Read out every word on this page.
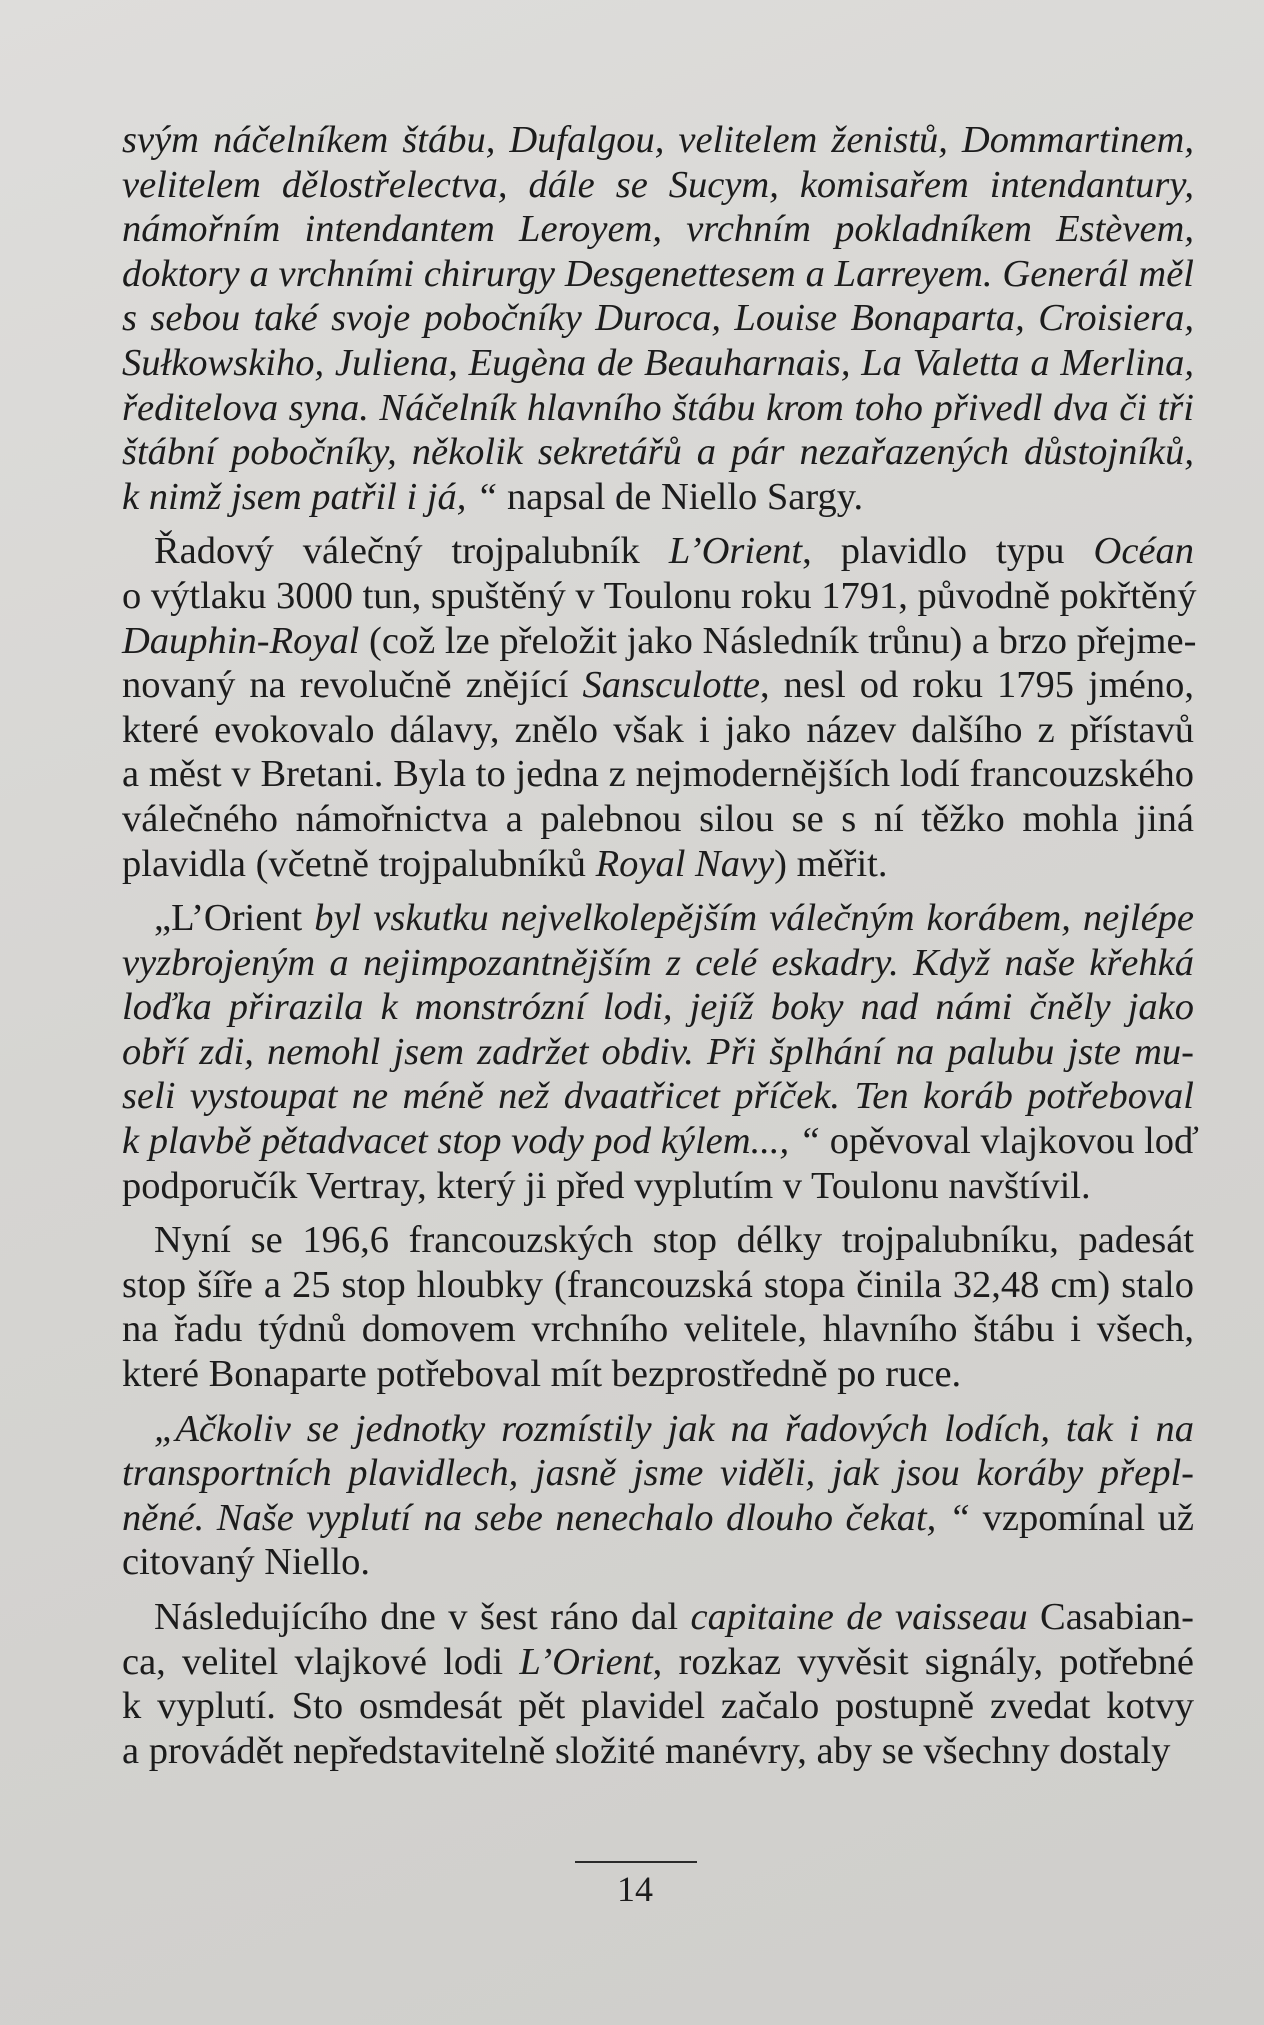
svým náčelníkem štábu, Dufalgou, velitelem ženistů, Dommartinem,
velitelem dělostřelectva, dále se Sucym, komisařem intendantury,
námořním intendantem Leroyem, vrchním pokladníkem Estèvem,
doktory a vrchními chirurgy Desgenettesem a Larreyem. Generál měl
s sebou také svoje pobočníky Duroca, Louise Bonaparta, Croisiera,
Sułkowskiho, Juliena, Eugèna de Beauharnais, La Valetta a Merlina,
ředitelova syna. Náčelník hlavního štábu krom toho přivedl dva či tři
štábní pobočníky, několik sekretářů a pár nezařazených důstojníků,
k nimž jsem patřil i já, “ napsal de Niello Sargy.
Řadový válečný trojpalubník L’Orient, plavidlo typu Océan
o výtlaku 3000 tun, spuštěný v Toulonu roku 1791, původně pokřtěný
Dauphin-Royal (což lze přeložit jako Následník trůnu) a brzo přejme-
novaný na revolučně znějící Sansculotte, nesl od roku 1795 jméno,
které evokovalo dálavy, znělo však i jako název dalšího z přístavů
a měst v Bretani. Byla to jedna z nejmodernějších lodí francouzského
válečného námořnictva a palebnou silou se s ní těžko mohla jiná
plavidla (včetně trojpalubníků Royal Navy) měřit.
„L’Orient byl vskutku nejvelkolepějším válečným korábem, nejlépe
vyzbrojeným a nejimpozantnějším z celé eskadry. Když naše křehká
loďka přirazila k monstrózní lodi, jejíž boky nad námi čněly jako
obří zdi, nemohl jsem zadržet obdiv. Při šplhání na palubu jste mu-
seli vystoupat ne méně než dvaatřicet příček. Ten koráb potřeboval
k plavbě pětadvacet stop vody pod kýlem..., “ opěvoval vlajkovou loď
podporučík Vertray, který ji před vyplutím v Toulonu navštívil.
Nyní se 196,6 francouzských stop délky trojpalubníku, padesát
stop šíře a 25 stop hloubky (francouzská stopa činila 32,48 cm) stalo
na řadu týdnů domovem vrchního velitele, hlavního štábu i všech,
které Bonaparte potřeboval mít bezprostředně po ruce.
„Ačkoliv se jednotky rozmístily jak na řadových lodích, tak i na
transportních plavidlech, jasně jsme viděli, jak jsou koráby přepl-
něné. Naše vyplutí na sebe nenechalo dlouho čekat, “ vzpomínal už
citovaný Niello.
Následujícího dne v šest ráno dal capitaine de vaisseau Casabian-
ca, velitel vlajkové lodi L’Orient, rozkaz vyvěsit signály, potřebné
k vyplutí. Sto osmdesát pět plavidel začalo postupně zvedat kotvy
a provádět nepředstavitelně složité manévry, aby se všechny dostaly
14
